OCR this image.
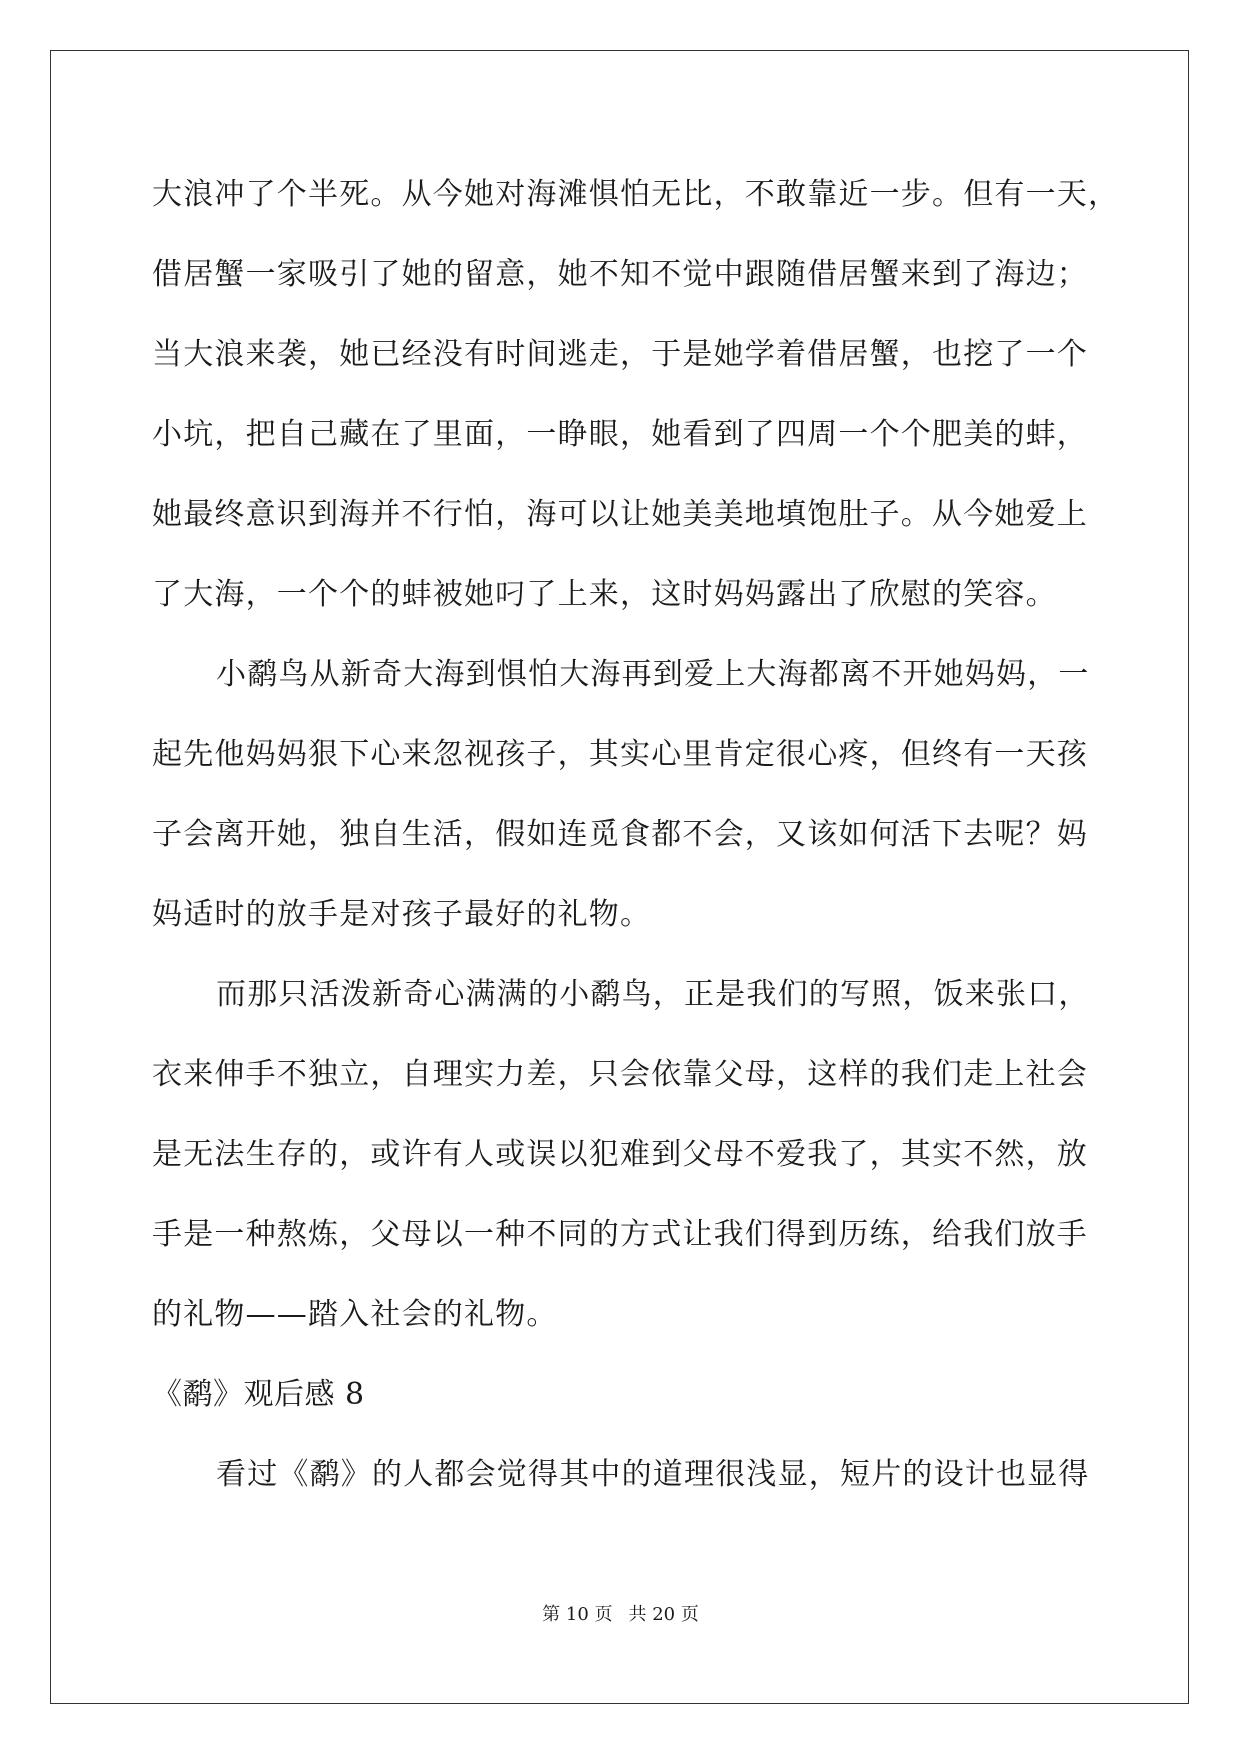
大浪冲了个半死。从今她对海滩惧怕无比，不敢靠近一步。但有一天，
借居蟹一家吸引了她的留意，她不知不觉中跟随借居蟹来到了海边；
当大浪来袭，她已经没有时间逃走，于是她学着借居蟹，也挖了一个
小坑，把自己藏在了里面，一睁眼，她看到了四周一个个肥美的蚌，
她最终意识到海并不行怕，海可以让她美美地填饱肚子。从今她爱上
了大海，一个个的蚌被她叼了上来，这时妈妈露出了欣慰的笑容。
小鹬鸟从新奇大海到惧怕大海再到爱上大海都离不开她妈妈，一
起先他妈妈狠下心来忽视孩子，其实心里肯定很心疼，但终有一天孩
子会离开她，独自生活，假如连觅食都不会，又该如何活下去呢？妈
妈适时的放手是对孩子最好的礼物。
而那只活泼新奇心满满的小鹬鸟，正是我们的写照，饭来张口，
衣来伸手不独立，自理实力差，只会依靠父母，这样的我们走上社会
是无法生存的，或许有人或误以犯难到父母不爱我了，其实不然，放
手是一种熬炼，父母以一种不同的方式让我们得到历练，给我们放手
的礼物——踏入社会的礼物。
《鹬》观后感 8
看过《鹬》的人都会觉得其中的道理很浅显，短片的设计也显得
第 10 页 共 20 页
